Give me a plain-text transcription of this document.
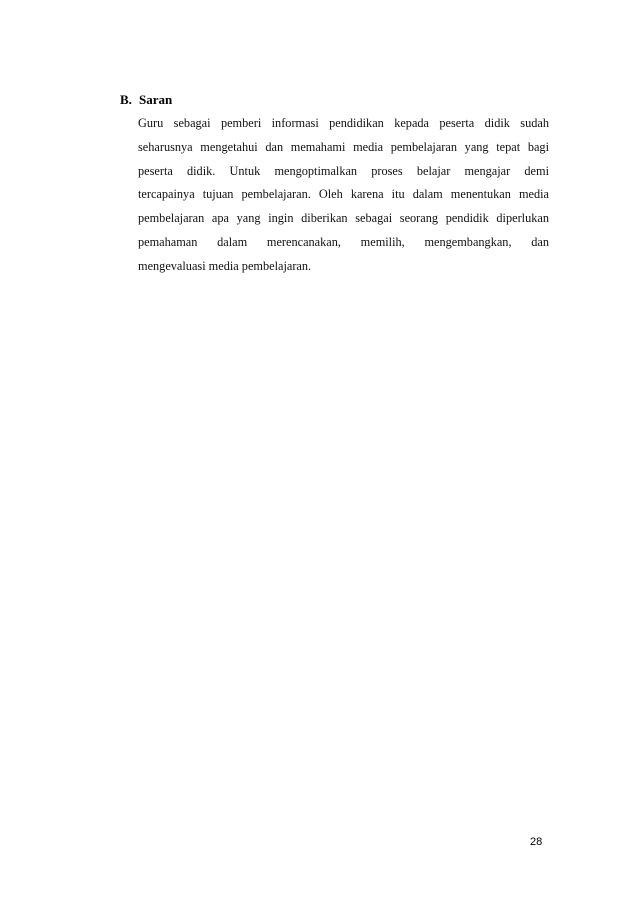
B. Saran
Guru sebagai pemberi informasi pendidikan kepada peserta didik sudah
seharusnya mengetahui dan memahami media pembelajaran yang tepat bagi
peserta didik. Untuk mengoptimalkan proses belajar mengajar demi
tercapainya tujuan pembelajaran. Oleh karena itu dalam menentukan media
pembelajaran apa yang ingin diberikan sebagai seorang pendidik diperlukan
pemahaman dalam merencanakan, memilih, mengembangkan, dan
mengevaluasi media pembelajaran.
28
